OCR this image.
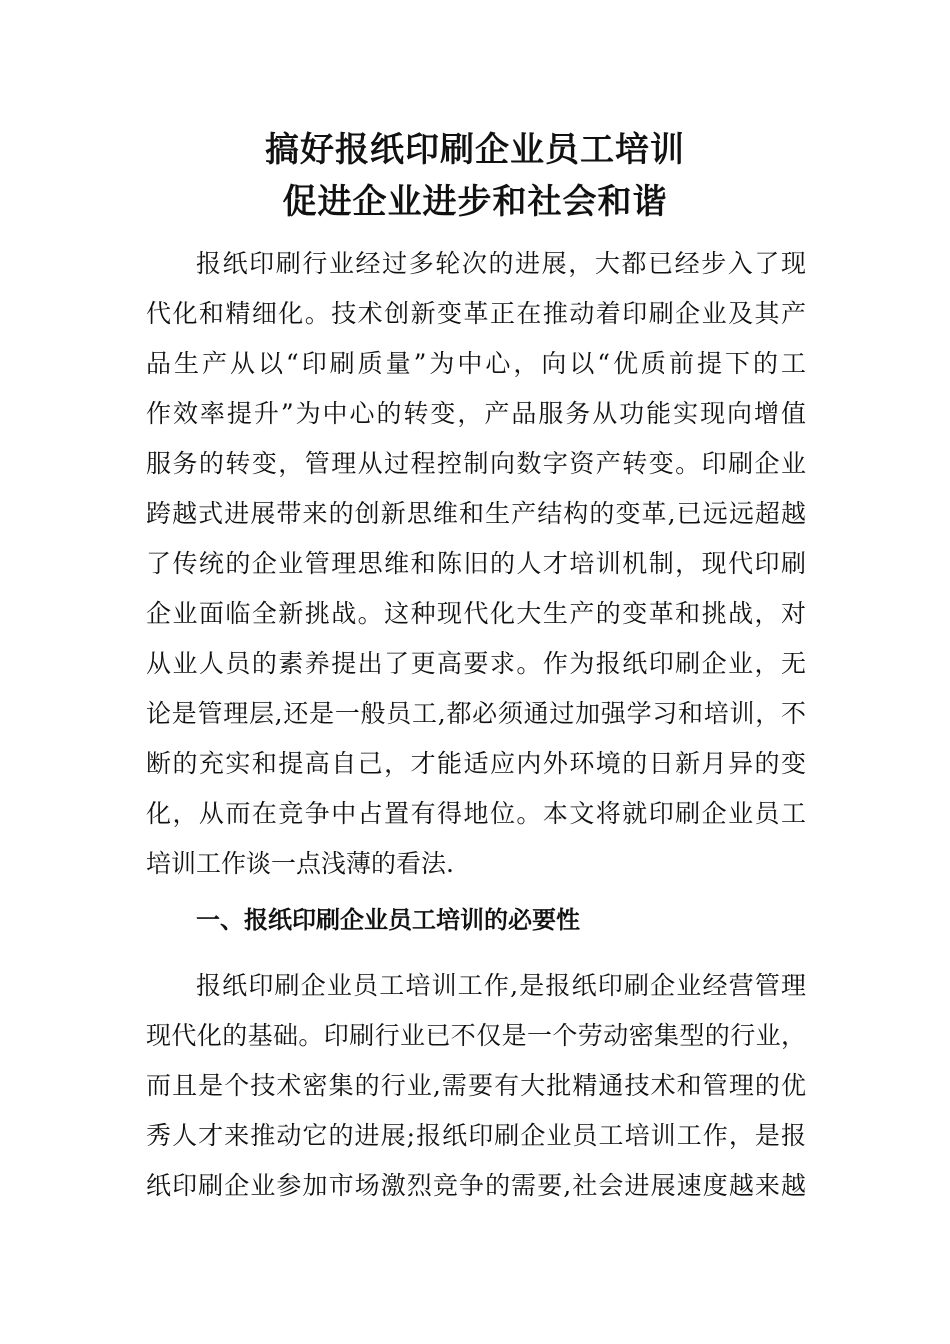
搞好报纸印刷企业员工培训
促进企业进步和社会和谐
报纸印刷行业经过多轮次的进展，大都已经步入了现
代化和精细化。技术创新变革正在推动着印刷企业及其产
品生产从以“印刷质量”为中心，向以“优质前提下的工
作效率提升”为中心的转变，产品服务从功能实现向增值
服务的转变，管理从过程控制向数字资产转变。印刷企业
跨越式进展带来的创新思维和生产结构的变革,已远远超越
了传统的企业管理思维和陈旧的人才培训机制，现代印刷
企业面临全新挑战。这种现代化大生产的变革和挑战，对
从业人员的素养提出了更高要求。作为报纸印刷企业，无
论是管理层,还是一般员工,都必须通过加强学习和培训，不
断的充实和提高自己，才能适应内外环境的日新月异的变
化，从而在竞争中占置有得地位。本文将就印刷企业员工
培训工作谈一点浅薄的看法.
一、报纸印刷企业员工培训的必要性
报纸印刷企业员工培训工作,是报纸印刷企业经营管理
现代化的基础。印刷行业已不仅是一个劳动密集型的行业，
而且是个技术密集的行业,需要有大批精通技术和管理的优
秀人才来推动它的进展;报纸印刷企业员工培训工作，是报
纸印刷企业参加市场激烈竞争的需要,社会进展速度越来越
